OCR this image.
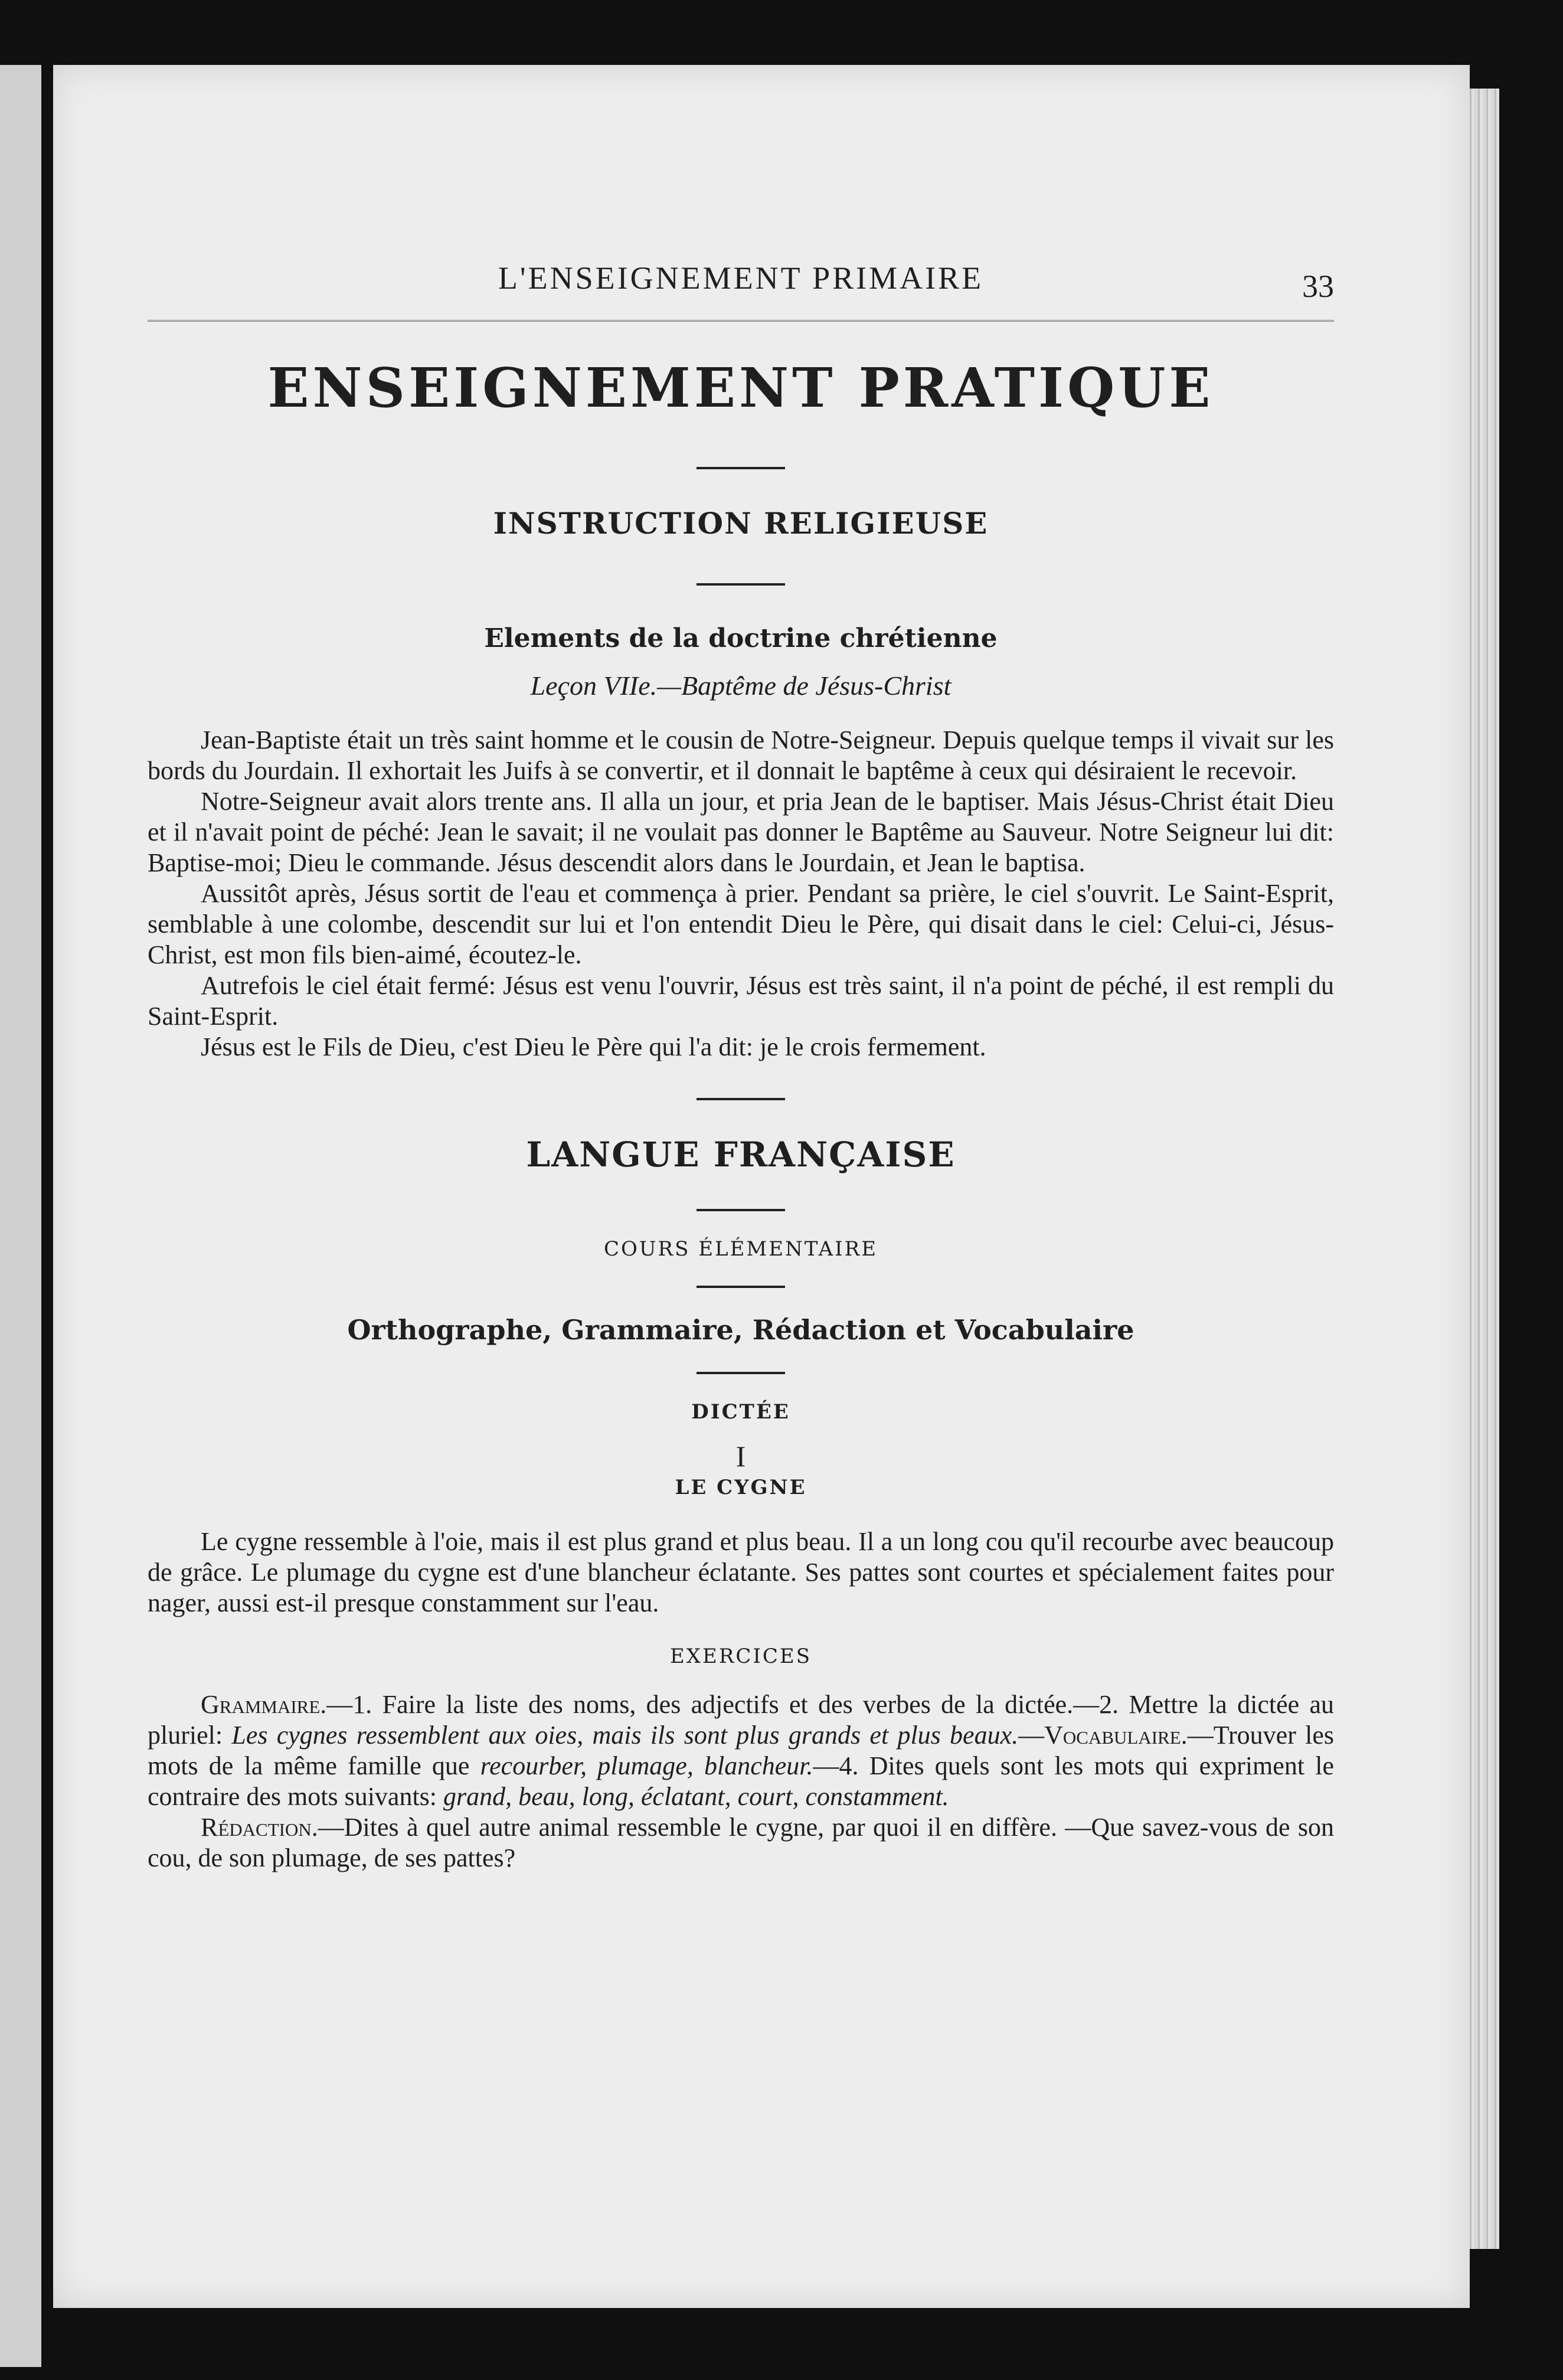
L'ENSEIGNEMENT PRIMAIRE	33
ENSEIGNEMENT PRATIQUE
INSTRUCTION RELIGIEUSE
Elements de la doctrine chrétienne
Leçon VIIe.—Baptême de Jésus-Christ

Jean-Baptiste était un très saint homme et le cousin de Notre-Seigneur. Depuis quelque temps il vivait sur les bords du Jourdain. Il exhortait les Juifs à se convertir, et il donnait le baptême à ceux qui désiraient le recevoir.

Notre-Seigneur avait alors trente ans. Il alla un jour, et pria Jean de le baptiser. Mais Jésus-Christ était Dieu et il n'avait point de péché: Jean le savait; il ne voulait pas donner le Baptême au Sauveur. Notre Seigneur lui dit: Baptise-moi; Dieu le commande. Jésus descendit alors dans le Jourdain, et Jean le baptisa.

Aussitôt après, Jésus sortit de l'eau et commença à prier. Pendant sa prière, le ciel s'ouvrit. Le Saint-Esprit, semblable à une colombe, descendit sur lui et l'on entendit Dieu le Père, qui disait dans le ciel: Celui-ci, Jésus-Christ, est mon fils bien-aimé, écoutez-le.

Autrefois le ciel était fermé: Jésus est venu l'ouvrir, Jésus est très saint, il n'a point de péché, il est rempli du Saint-Esprit.

Jésus est le Fils de Dieu, c'est Dieu le Père qui l'a dit: je le crois fermement.

LANGUE FRANÇAISE
COURS ÉLÉMENTAIRE
Orthographe, Grammaire, Rédaction et Vocabulaire
DICTÉE
I
LE CYGNE

Le cygne ressemble à l'oie, mais il est plus grand et plus beau. Il a un long cou qu'il recourbe avec beaucoup de grâce. Le plumage du cygne est d'une blancheur éclatante. Ses pattes sont courtes et spécialement faites pour nager, aussi est-il presque constamment sur l'eau.

EXERCICES

Grammaire.—1. Faire la liste des noms, des adjectifs et des verbes de la dictée.—2. Mettre la dictée au pluriel: Les cygnes ressemblent aux oies, mais ils sont plus grands et plus beaux.—Vocabulaire.—Trouver les mots de la même famille que recourber, plumage, blancheur.—4. Dites quels sont les mots qui expriment le contraire des mots suivants: grand, beau, long, éclatant, court, constamment.

Rédaction.—Dites à quel autre animal ressemble le cygne, par quoi il en diffère. —Que savez-vous de son cou, de son plumage, de ses pattes?
